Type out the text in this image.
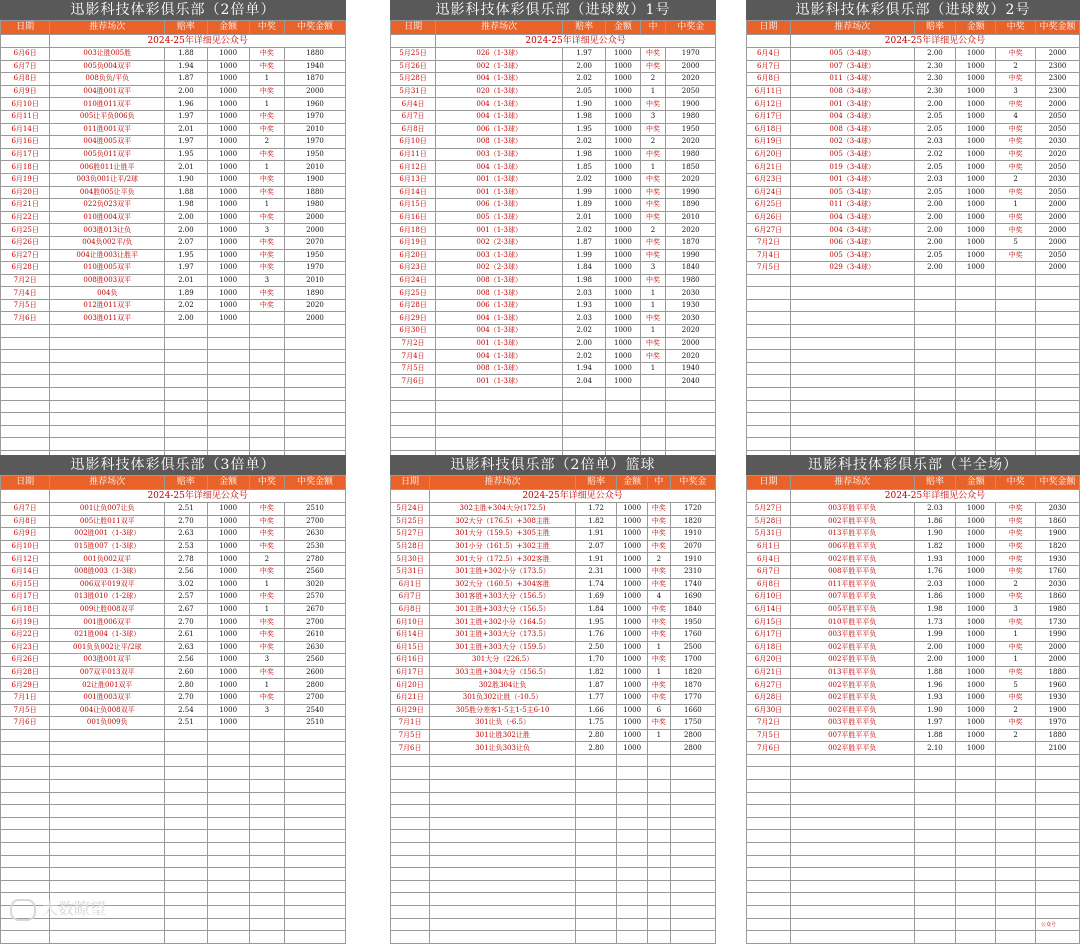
迅影科技体彩俱乐部（2倍单）
日期	推荐场次	赔率	金额	中奖	中奖金额
	2024-25年详细见公众号				
6月6日	003让胜005胜	1.88	1000	中奖	1880
6月7日	005负004双平	1.94	1000	中奖	1940
6月8日	008负负/平负	1.87	1000	1	1870
6月9日	004胜001双平	2.00	1000	中奖	2000
6月10日	010胜011双平	1.96	1000	1	1960
6月11日	005让平负006负	1.97	1000	中奖	1970
6月14日	011胜001双平	2.01	1000	中奖	2010
6月16日	004胜005双平	1.97	1000	2	1970
6月17日	005负011双平	1.95	1000	中奖	1950
6月18日	006胜011让胜平	2.01	1000	1	2010
6月19日	003负001让平/2球	1.90	1000	中奖	1900
6月20日	004胜005让平负	1.88	1000	中奖	1880
6月21日	022负023双平	1.98	1000	1	1980
6月22日	010胜004双平	2.00	1000	中奖	2000
6月25日	003胜013让负	2.00	1000	3	2000
6月26日	004负002平/负	2.07	1000	中奖	2070
6月27日	004让胜003让胜平	1.95	1000	中奖	1950
6月28日	010胜005双平	1.97	1000	中奖	1970
7月2日	008胜003双平	2.01	1000	3	2010
7月4日	004负	1.89	1000	中奖	1890
7月5日	012胜011双平	2.02	1000	中奖	2020
7月6日	003胜011双平	2.00	1000		2000

迅影科技体彩俱乐部（进球数）1号
日期	推荐场次	赔率	金额	中	中奖金
	2024-25年详细见公众号				
5月25日	026（1-3球）	1.97	1000	中奖	1970
5月26日	002（1-3球）	2.00	1000	中奖	2000
5月28日	004（1-3球）	2.02	1000	2	2020
5月31日	020（1-3球）	2.05	1000	1	2050
6月4日	004（1-3球）	1.90	1000	中奖	1900
6月7日	004（1-3球）	1.98	1000	3	1980
6月8日	006（1-3球）	1.95	1000	中奖	1950
6月10日	008（1-3球）	2.02	1000	2	2020
6月11日	003（1-3球）	1.98	1000	中奖	1980
6月12日	004（1-3球）	1.85	1000	1	1850
6月13日	001（1-3球）	2.02	1000	中奖	2020
6月14日	001（1-3球）	1.99	1000	中奖	1990
6月15日	006（1-3球）	1.89	1000	中奖	1890
6月16日	005（1-3球）	2.01	1000	中奖	2010
6月18日	001（1-3球）	2.02	1000	2	2020
6月19日	002（2-3球）	1.87	1000	中奖	1870
6月20日	003（1-3球）	1.99	1000	中奖	1990
6月23日	002（2-3球）	1.84	1000	3	1840
6月24日	008（1-3球）	1.98	1000	中奖	1980
6月25日	008（1-3球）	2.03	1000	1	2030
6月28日	006（1-3球）	1.93	1000	1	1930
6月29日	004（1-3球）	2.03	1000	中奖	2030
6月30日	004（1-3球）	2.02	1000	1	2020
7月2日	001（1-3球）	2.00	1000	中奖	2000
7月4日	004（1-3球）	2.02	1000	中奖	2020
7月5日	008（1-3球）	1.94	1000	1	1940
7月6日	001（1-3球）	2.04	1000		2040

迅影科技体彩俱乐部（进球数）2号
日期	推荐场次	赔率	金额	中奖	中奖金额
	2024-25年详细见公众号				
6月4日	005（3-4球）	2.00	1000	中奖	2000
6月7日	007（3-4球）	2.30	1000	2	2300
6月8日	011（3-4球）	2.30	1000	中奖	2300
6月11日	008（3-4球）	2.30	1000	3	2300
6月12日	001（3-4球）	2.00	1000	中奖	2000
6月17日	004（3-4球）	2.05	1000	4	2050
6月18日	008（3-4球）	2.05	1000	中奖	2050
6月19日	002（3-4球）	2.03	1000	中奖	2030
6月20日	005（3-4球）	2.02	1000	中奖	2020
6月21日	019（3-4球）	2.05	1000	中奖	2050
6月23日	001（3-4球）	2.03	1000	2	2030
6月24日	005（3-4球）	2.05	1000	中奖	2050
6月25日	011（3-4球）	2.00	1000	1	2000
6月26日	004（3-4球）	2.00	1000	中奖	2000
6月27日	004（3-4球）	2.00	1000	中奖	2000
7月2日	006（3-4球）	2.00	1000	5	2000
7月4日	005（3-4球）	2.05	1000	中奖	2050
7月5日	029（3-4球）	2.00	1000		2000

迅影科技体彩俱乐部（3倍单）
日期	推荐场次	赔率	金额	中奖	中奖金额
	2024-25年详细见公众号				
6月7日	001让负007让负	2.51	1000	中奖	2510
6月8日	005让胜011双平	2.70	1000	中奖	2700
6月9日	002胜001（1-3球）	2.63	1000	中奖	2630
6月10日	015胜007（1-3球）	2.53	1000	中奖	2530
6月12日	001负002双平	2.78	1000	2	2780
6月14日	008胜003（1-3球）	2.56	1000	中奖	2560
6月15日	006双平019双平	3.02	1000	1	3020
6月17日	013胜010（1-2球）	2.57	1000	中奖	2570
6月18日	009让胜008双平	2.67	1000	1	2670
6月19日	001胜006双平	2.70	1000	中奖	2700
6月22日	021胜004（1-3球）	2.61	1000	中奖	2610
6月23日	001负负002让平/2球	2.63	1000	中奖	2630
6月26日	003胜001双平	2.56	1000	3	2560
6月28日	007双平013双平	2.60	1000	中奖	2600
6月29日	02让胜001双平	2.80	1000	1	2800
7月1日	001胜003双平	2.70	1000	中奖	2700
7月5日	004让负008双平	2.54	1000	3	2540
7月6日	001负009负	2.51	1000		2510

迅影科技俱乐部（2倍单）篮球
日期	推荐场次	赔率	金额	中	中奖金
	2024-25年详细见公众号				
5月24日	302主胜+304大分(172.5)	1.72	1000	中奖	1720
5月25日	302大分（176.5）+308主胜	1.82	1000	中奖	1820
5月27日	301大分（159.5）+305主胜	1.91	1000	中奖	1910
5月28日	301小分（161.5）+302主胜	2.07	1000	中奖	2070
5月30日	301大分（172.5）+302客胜	1.91	1000	2	1910
5月31日	301主胜+302小分（173.5）	2.31	1000	中奖	2310
6月1日	302大分（160.5）+304客胜	1.74	1000	中奖	1740
6月7日	301客胜+303大分（156.5）	1.69	1000	4	1690
6月8日	301主胜+303大分（156.5）	1.84	1000	中奖	1840
6月10日	301主胜+302小分（164.5）	1.95	1000	中奖	1950
6月14日	301主胜+303大分（173.5）	1.76	1000	中奖	1760
6月15日	301主胜+303大分（159.5）	2.50	1000	1	2500
6月16日	301大分（226.5）	1.70	1000	中奖	1700
6月17日	303主胜+304大分（156.5）	1.82	1000	1	1820
6月20日	302胜304让负	1.87	1000	中奖	1870
6月21日	301负302让胜（-10.5）	1.77	1000	中奖	1770
6月29日	305胜分差客1-5主1-5主6-10	1.66	1000	6	1660
7月1日	301让负（-6.5）	1.75	1000	中奖	1750
7月5日	301让胜302让胜	2.80	1000	1	2800
7月6日	301让负303让负	2.80	1000		2800

迅影科技体彩俱乐部（半全场）
日期	推荐场次	赔率	金额	中奖	中奖金额
	2024-25年详细见公众号				
5月27日	003平胜平平负	2.03	1000	中奖	2030
5月28日	002平胜平平负	1.86	1000	中奖	1860
5月31日	013平胜平平负	1.90	1000	中奖	1900
6月1日	006平胜平平负	1.82	1000	中奖	1820
6月4日	002平胜平平负	1.93	1000	中奖	1930
6月7日	008平胜平平负	1.76	1000	中奖	1760
6月8日	011平胜平平负	2.03	1000	2	2030
6月10日	007平胜平平负	1.86	1000	中奖	1860
6月14日	005平胜平平负	1.98	1000	3	1980
6月15日	010平胜平平负	1.73	1000	中奖	1730
6月17日	003平胜平平负	1.99	1000	1	1990
6月18日	002平胜平平负	2.00	1000	中奖	2000
6月20日	002平胜平平负	2.00	1000	1	2000
6月21日	013平胜平平负	1.88	1000	中奖	1880
6月27日	002平胜平平负	1.96	1000	5	1960
6月28日	002平胜平平负	1.93	1000	中奖	1930
6月30日	002平胜平平负	1.90	1000	2	1900
7月2日	003平胜平平负	1.97	1000	中奖	1970
7月5日	007平胜平平负	1.88	1000	2	1880
7月6日	002平胜平平负	2.10	1000		2100

大数瞭望
公众号
